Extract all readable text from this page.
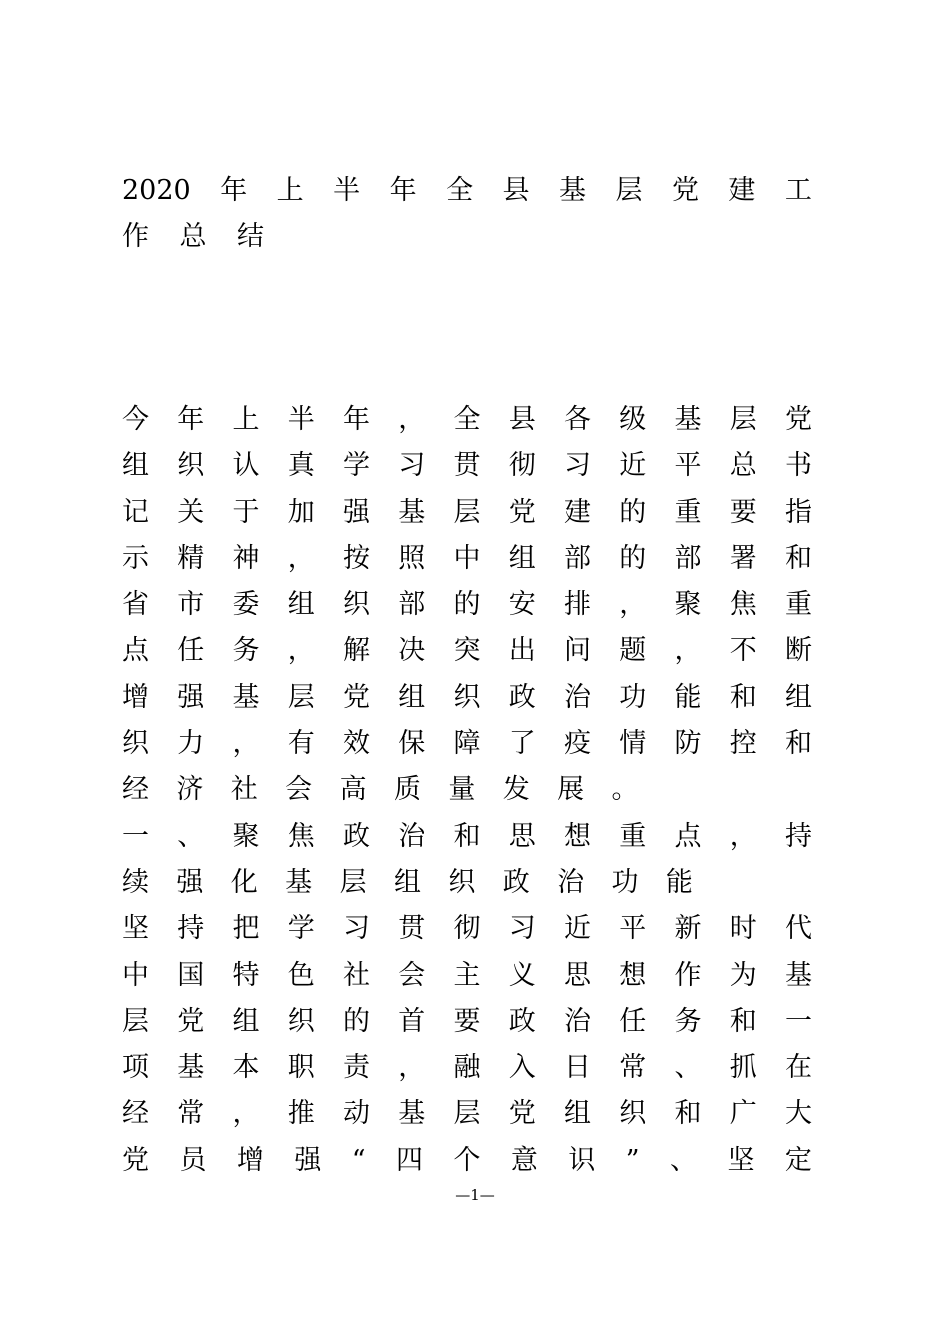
2020 年 上 半 年 全 县 基 层 党 建 工
作	总	结
今 年 上 半 年 ， 全 县 各 级 基 层 党
组 织 认 真 学 习 贯 彻 习 近 平 总 书
记 关 于 加 强 基 层 党 建 的 重 要 指
示 精 神 ， 按 照 中 组 部 的 部 署 和
省 市 委 组 织 部 的 安 排 ， 聚 焦 重
点 任 务 ， 解 决 突 出 问 题 ， 不 断
增 强 基 层 党 组 织 政 治 功 能 和 组
织 力 ， 有 效 保 障 了 疫 情 防 控 和
经	济	社	会	高	质	量	发	展	。
一 、 聚 焦 政 治 和 思 想 重 点 ， 持
续	强	化	基	层	组	织	政	治	功	能
坚 持 把 学 习 贯 彻 习 近 平 新 时 代
中 国 特 色 社 会 主 义 思 想 作 为 基
层 党 组 织 的 首 要 政 治 任 务 和 一
项 基 本 职 责 ， 融 入 日 常 、 抓 在
经 常 ， 推 动 基 层 党 组 织 和 广 大
党 员 增 强 “ 四 个 意 识 ” 、 坚 定
—1—
